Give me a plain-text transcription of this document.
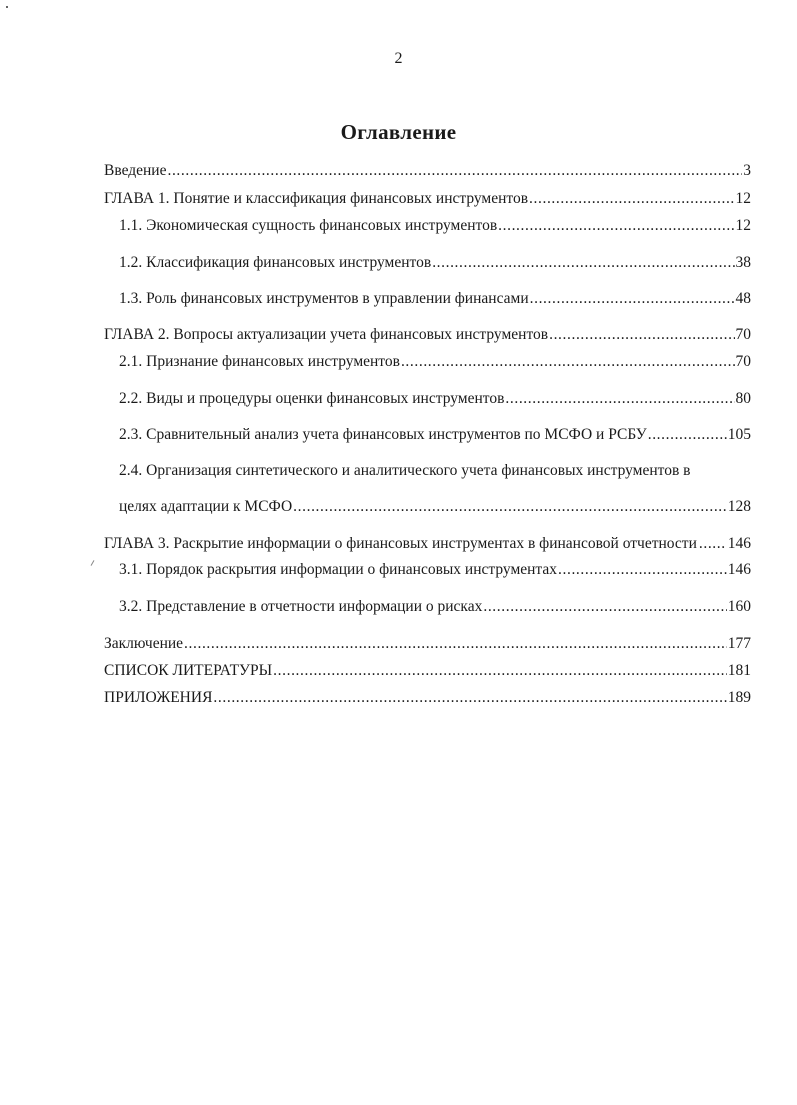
2
Оглавление
Введение .....	3
ГЛАВА 1. Понятие и классификация финансовых инструментов .....	12
1.1. Экономическая сущность финансовых инструментов .....	12
1.2. Классификация финансовых инструментов .....	38
1.3. Роль финансовых инструментов в управлении финансами .....	48
ГЛАВА 2. Вопросы актуализации учета финансовых инструментов .....	70
2.1. Признание финансовых инструментов .....	70
2.2. Виды и процедуры оценки финансовых инструментов .....	80
2.3. Сравнительный анализ учета финансовых инструментов по МСФО и РСБУ .....	105
2.4. Организация синтетического и аналитического учета финансовых инструментов в
целях адаптации к МСФО .....	128
ГЛАВА 3. Раскрытие информации о финансовых инструментах в финансовой отчетности ..... 146
3.1. Порядок раскрытия информации о финансовых инструментах .....	146
3.2. Представление в отчетности информации о рисках .....	160
Заключение .....	177
СПИСОК ЛИТЕРАТУРЫ .....	181
ПРИЛОЖЕНИЯ .....	189
